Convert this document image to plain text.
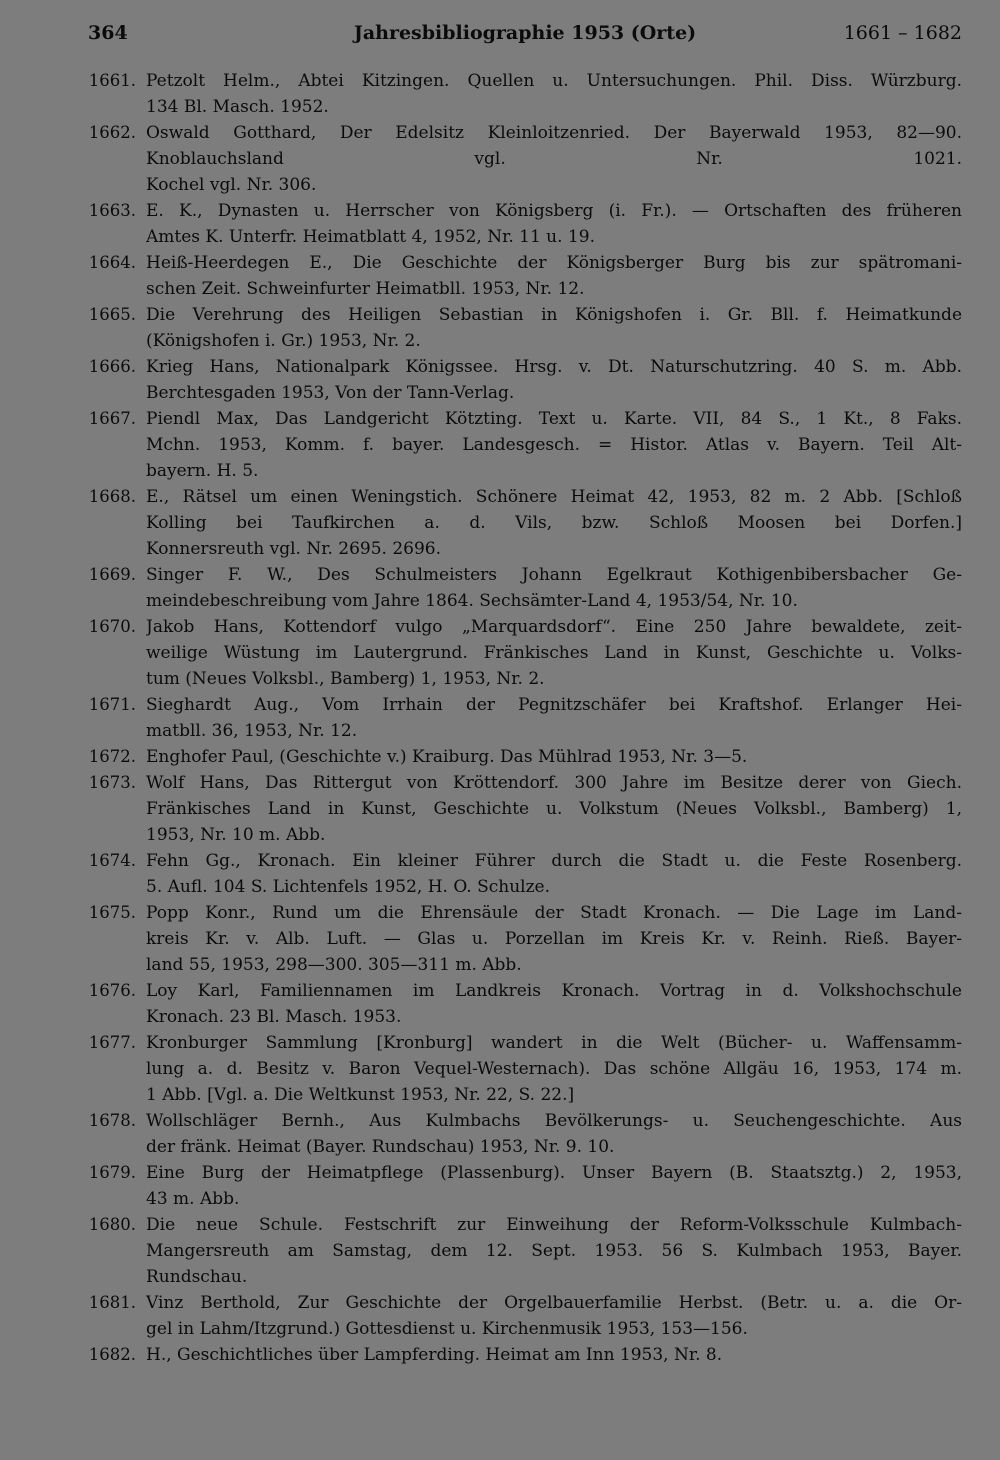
364	Jahresbibliographie 1953 (Orte)	1661 – 1682
1661. Petzolt Helm., Abtei Kitzingen. Quellen u. Untersuchungen. Phil. Diss. Würzburg.
134 Bl. Masch. 1952.
1662. Oswald Gotthard, Der Edelsitz Kleinloitzenried. Der Bayerwald 1953, 82—90.
Knoblauchsland vgl. Nr. 1021.
Kochel vgl. Nr. 306.
1663. E. K., Dynasten u. Herrscher von Königsberg (i. Fr.). — Ortschaften des früheren
Amtes K. Unterfr. Heimatblatt 4, 1952, Nr. 11 u. 19.
1664. Heiß-Heerdegen E., Die Geschichte der Königsberger Burg bis zur spätromani-
schen Zeit. Schweinfurter Heimatbll. 1953, Nr. 12.
1665. Die Verehrung des Heiligen Sebastian in Königshofen i. Gr. Bll. f. Heimatkunde
(Königshofen i. Gr.) 1953, Nr. 2.
1666. Krieg Hans, Nationalpark Königssee. Hrsg. v. Dt. Naturschutzring. 40 S. m. Abb.
Berchtesgaden 1953, Von der Tann-Verlag.
1667. Piendl Max, Das Landgericht Kötzting. Text u. Karte. VII, 84 S., 1 Kt., 8 Faks.
Mchn. 1953, Komm. f. bayer. Landesgesch. = Histor. Atlas v. Bayern. Teil Alt-
bayern. H. 5.
1668. E., Rätsel um einen Weningstich. Schönere Heimat 42, 1953, 82 m. 2 Abb. [Schloß
Kolling bei Taufkirchen a. d. Vils, bzw. Schloß Moosen bei Dorfen.]
Konnersreuth vgl. Nr. 2695. 2696.
1669. Singer F. W., Des Schulmeisters Johann Egelkraut Kothigenbibersbacher Ge-
meindebeschreibung vom Jahre 1864. Sechsämter-Land 4, 1953/54, Nr. 10.
1670. Jakob Hans, Kottendorf vulgo „Marquardsdorf“. Eine 250 Jahre bewaldete, zeit-
weilige Wüstung im Lautergrund. Fränkisches Land in Kunst, Geschichte u. Volks-
tum (Neues Volksbl., Bamberg) 1, 1953, Nr. 2.
1671. Sieghardt Aug., Vom Irrhain der Pegnitzschäfer bei Kraftshof. Erlanger Hei-
matbll. 36, 1953, Nr. 12.
1672. Enghofer Paul, (Geschichte v.) Kraiburg. Das Mühlrad 1953, Nr. 3—5.
1673. Wolf Hans, Das Rittergut von Kröttendorf. 300 Jahre im Besitze derer von Giech.
Fränkisches Land in Kunst, Geschichte u. Volkstum (Neues Volksbl., Bamberg) 1,
1953, Nr. 10 m. Abb.
1674. Fehn Gg., Kronach. Ein kleiner Führer durch die Stadt u. die Feste Rosenberg.
5. Aufl. 104 S. Lichtenfels 1952, H. O. Schulze.
1675. Popp Konr., Rund um die Ehrensäule der Stadt Kronach. — Die Lage im Land-
kreis Kr. v. Alb. Luft. — Glas u. Porzellan im Kreis Kr. v. Reinh. Rieß. Bayer-
land 55, 1953, 298—300. 305—311 m. Abb.
1676. Loy Karl, Familiennamen im Landkreis Kronach. Vortrag in d. Volkshochschule
Kronach. 23 Bl. Masch. 1953.
1677. Kronburger Sammlung [Kronburg] wandert in die Welt (Bücher- u. Waffensamm-
lung a. d. Besitz v. Baron Vequel-Westernach). Das schöne Allgäu 16, 1953, 174 m.
1 Abb. [Vgl. a. Die Weltkunst 1953, Nr. 22, S. 22.]
1678. Wollschläger Bernh., Aus Kulmbachs Bevölkerungs- u. Seuchengeschichte. Aus
der fränk. Heimat (Bayer. Rundschau) 1953, Nr. 9. 10.
1679. Eine Burg der Heimatpflege (Plassenburg). Unser Bayern (B. Staatsztg.) 2, 1953,
43 m. Abb.
1680. Die neue Schule. Festschrift zur Einweihung der Reform-Volksschule Kulmbach-
Mangersreuth am Samstag, dem 12. Sept. 1953. 56 S. Kulmbach 1953, Bayer.
Rundschau.
1681. Vinz Berthold, Zur Geschichte der Orgelbauerfamilie Herbst. (Betr. u. a. die Or-
gel in Lahm/Itzgrund.) Gottesdienst u. Kirchenmusik 1953, 153—156.
1682. H., Geschichtliches über Lampferding. Heimat am Inn 1953, Nr. 8.
